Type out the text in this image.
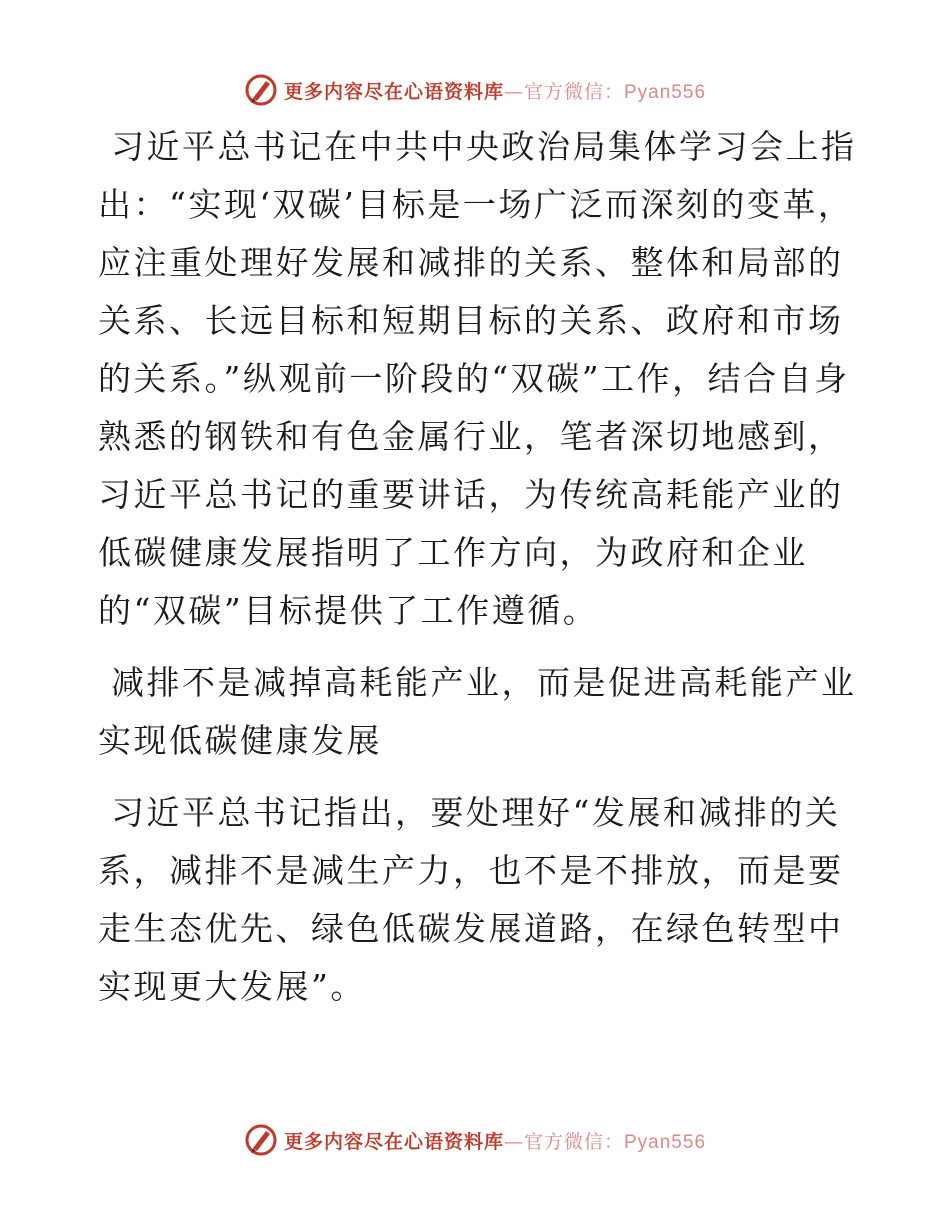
更多内容尽在心语资料库—官方微信：Pyan556

习近平总书记在中共中央政治局集体学习会上指出：“实现‘双碳’目标是一场广泛而深刻的变革，应注重处理好发展和减排的关系、整体和局部的关系、长远目标和短期目标的关系、政府和市场的关系。”纵观前一阶段的“双碳”工作，结合自身熟悉的钢铁和有色金属行业，笔者深切地感到，习近平总书记的重要讲话，为传统高耗能产业的低碳健康发展指明了工作方向，为政府和企业的“双碳”目标提供了工作遵循。

减排不是减掉高耗能产业，而是促进高耗能产业实现低碳健康发展

习近平总书记指出，要处理好“发展和减排的关系，减排不是减生产力，也不是不排放，而是要走生态优先、绿色低碳发展道路，在绿色转型中实现更大发展”。

更多内容尽在心语资料库—官方微信：Pyan556
